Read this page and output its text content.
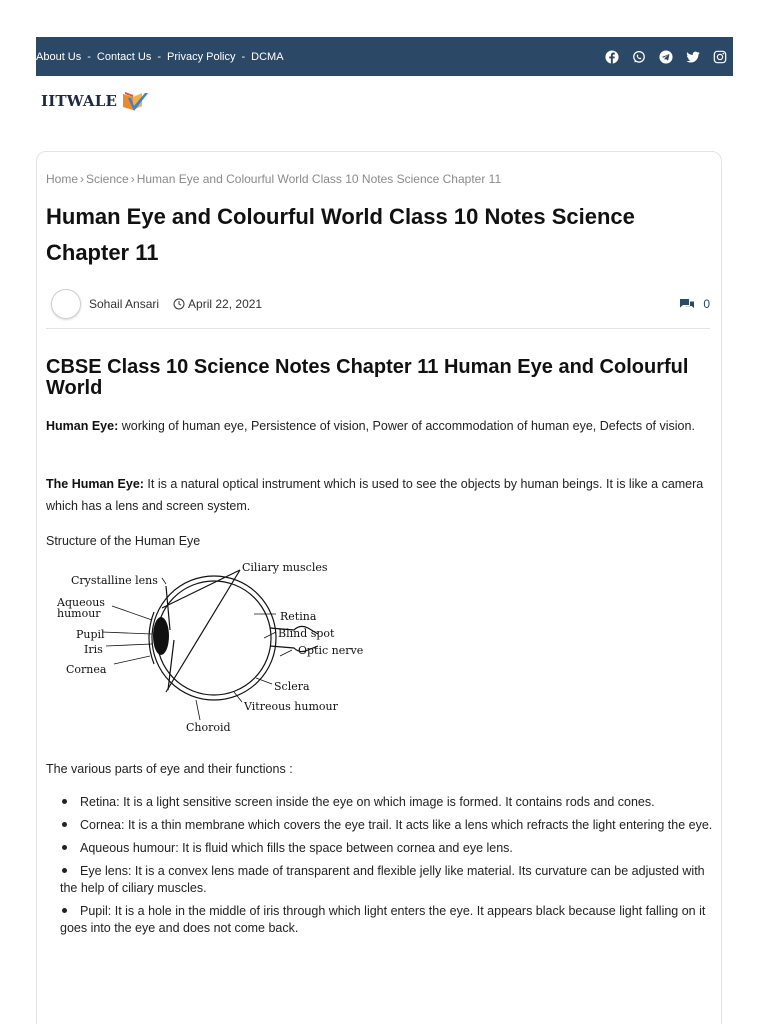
About Us - Contact Us - Privacy Policy - DCMA
IITWALE
Home › Science › Human Eye and Colourful World Class 10 Notes Science Chapter 11
Human Eye and Colourful World Class 10 Notes Science Chapter 11
Sohail Ansari April 22, 2021	0
CBSE Class 10 Science Notes Chapter 11 Human Eye and Colourful World

Human Eye: working of human eye, Persistence of vision, Power of accommodation of human eye, Defects of vision.

The Human Eye: It is a natural optical instrument which is used to see the objects by human beings. It is like a camera which has a lens and screen system.

Structure of the Human Eye

Ciliary muscles
Crystalline lens
Aqueous
humour
Pupil
Iris
Cornea
Retina
Blind spot
Optic nerve
Sclera
Vitreous humour
Choroid

The various parts of eye and their functions :

Retina: It is a light sensitive screen inside the eye on which image is formed. It contains rods and cones.
Cornea: It is a thin membrane which covers the eye trail. It acts like a lens which refracts the light entering the eye.
Aqueous humour: It is fluid which fills the space between cornea and eye lens.
Eye lens: It is a convex lens made of transparent and flexible jelly like material. Its curvature can be adjusted with the help of ciliary muscles.
Pupil: It is a hole in the middle of iris through which light enters the eye. It appears black because light falling on it goes into the eye and does not come back.
